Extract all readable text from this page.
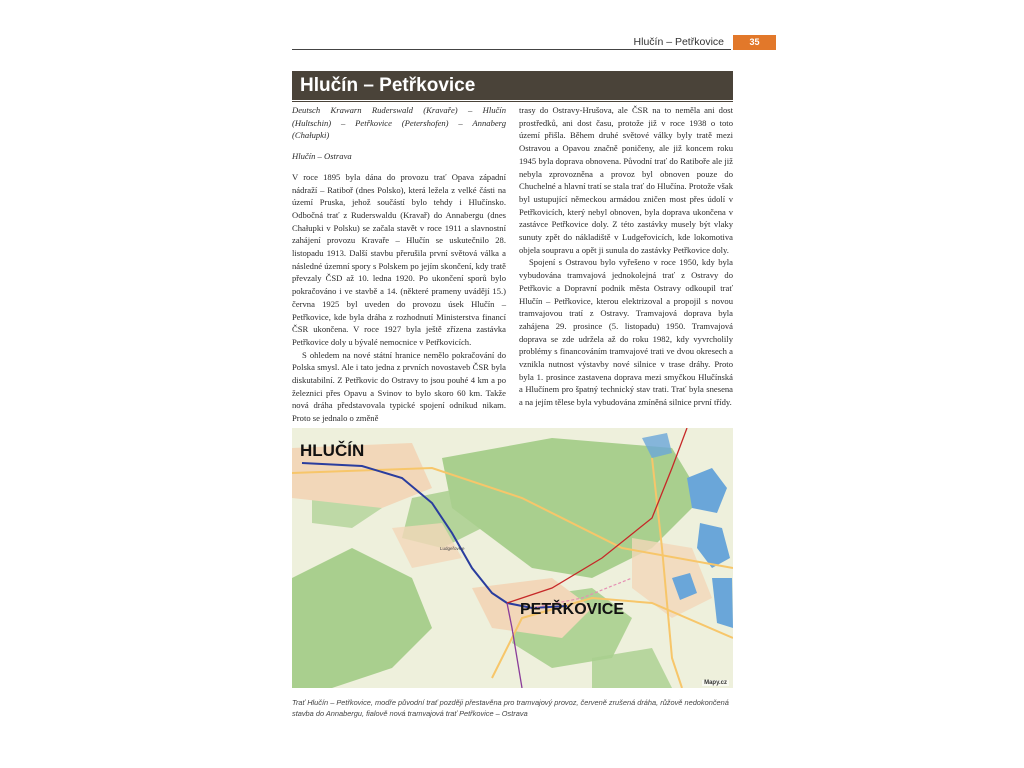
Hlučín – Petřkovice	35
Hlučín – Petřkovice

Deutsch Krawarn Ruderswald (Kravaře) – Hlučín (Hultschin) – Petřkovice (Petershofen) – Annaberg (Chałupki)

Hlučín – Ostrava

V roce 1895 byla dána do provozu trať Opava západní nádraží – Ratiboř (dnes Polsko), která ležela z velké části na území Pruska, jehož součástí bylo tehdy i Hlučínsko. Odbočná trať z Ruderswaldu (Kravař) do Annabergu (dnes Chałupki v Polsku) se začala stavět v roce 1911 a slavnostní zahájení provozu Kravaře – Hlučín se uskutečnilo 28. listopadu 1913. Další stavbu přerušila první světová válka a následné územní spory s Polskem po jejím skončení, kdy tratě převzaly ČSD až 10. ledna 1920. Po ukončení sporů bylo pokračováno i ve stavbě a 14. (některé prameny uvádějí 15.) června 1925 byl uveden do provozu úsek Hlučín – Petřkovice, kde byla dráha z rozhodnutí Ministerstva financí ČSR ukončena. V roce 1927 byla ještě zřízena zastávka Petřkovice doly u bývalé nemocnice v Petřkovicích.

S ohledem na nové státní hranice nemělo pokračování do Polska smysl. Ale i tato jedna z prvních novostaveb ČSR byla diskutabilní. Z Petřkovic do Ostravy to jsou pouhé 4 km a po železnici přes Opavu a Svinov to bylo skoro 60 km. Takže nová dráha představovala typické spojení odnikud nikam. Proto se jednalo o změně

trasy do Ostravy-Hrušova, ale ČSR na to neměla ani dost prostředků, ani dost času, protože již v roce 1938 o toto území přišla. Během druhé světové války byly tratě mezi Ostravou a Opavou značně poničeny, ale již koncem roku 1945 byla doprava obnovena. Původní trať do Ratiboře ale již nebyla zprovozněna a provoz byl obnoven pouze do Chuchelné a hlavní tratí se stala trať do Hlučína. Protože však byl ustupující německou armádou zničen most přes údolí v Petřkovicích, který nebyl obnoven, byla doprava ukončena v zastávce Petřkovice doly. Z této zastávky musely být vlaky sunuty zpět do nákladiště v Ludgeřovicích, kde lokomotiva objela soupravu a opět ji sunula do zastávky Petřkovice doly.

Spojení s Ostravou bylo vyřešeno v roce 1950, kdy byla vybudována tramvajová jednokolejná trať z Ostravy do Petřkovic a Dopravní podnik města Ostravy odkoupil trať Hlučín – Petřkovice, kterou elektrizoval a propojil s novou tramvajovou tratí z Ostravy. Tramvajová doprava byla zahájena 29. prosince (5. listopadu) 1950. Tramvajová doprava se zde udržela až do roku 1982, kdy vyvrcholily problémy s financováním tramvajové trati ve dvou okresech a vznikla nutnost výstavby nové silnice v trase dráhy. Proto byla 1. prosince zastavena doprava mezi smyčkou Hlučínská a Hlučínem pro špatný technický stav trati. Trať byla snesena a na jejím tělese byla vybudována zmíněná silnice první třídy.

HLUČÍN
PETŘKOVICE
Ludgeřovice
Mapy.cz
Trať Hlučín – Petřkovice, modře původní trať později přestavěna pro tramvajový provoz, červeně zrušená dráha, růžově nedokončená stavba do Annabergu, fialově nová tramvajová trať Petřkovice – Ostrava
